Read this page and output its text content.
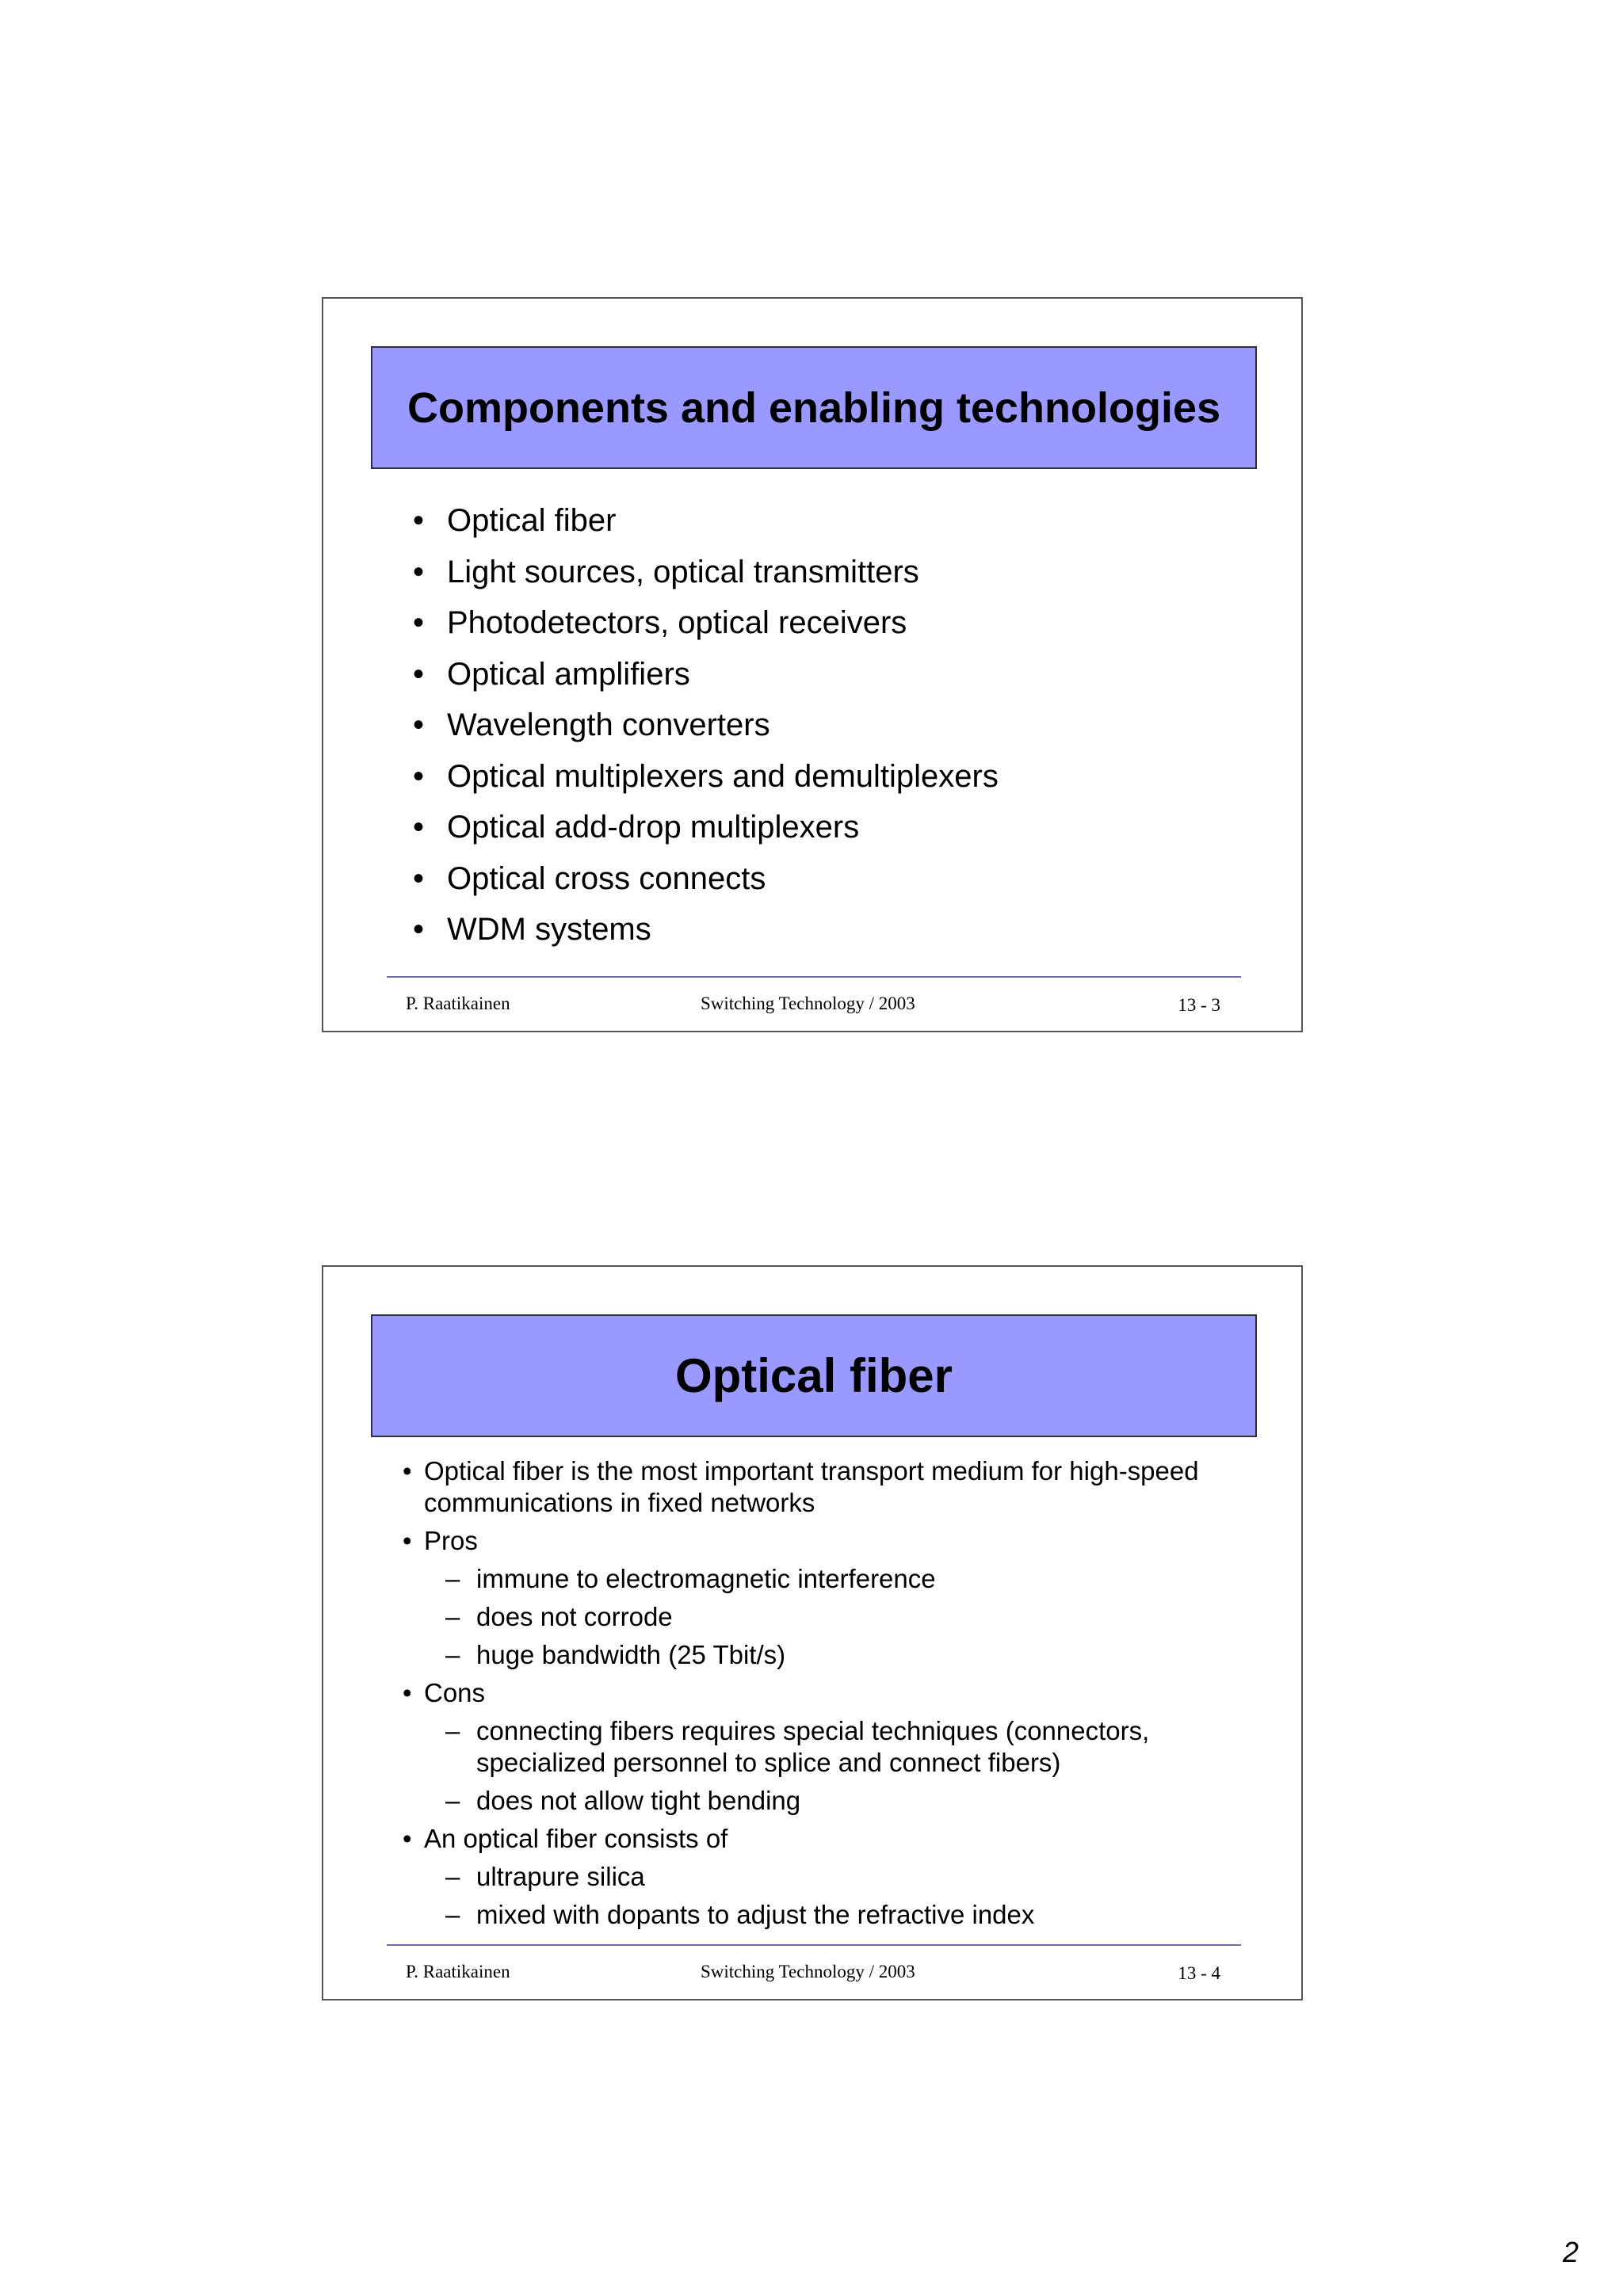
Components and enabling technologies
• Optical fiber
• Light sources, optical transmitters
• Photodetectors, optical receivers
• Optical amplifiers
• Wavelength converters
• Optical multiplexers and demultiplexers
• Optical add-drop multiplexers
• Optical cross connects
• WDM systems
P. Raatikainen	Switching Technology / 2003	13 - 3
Optical fiber
• Optical fiber is the most important transport medium for high-speed communications in fixed networks
• Pros
– immune to electromagnetic interference
– does not corrode
– huge bandwidth (25 Tbit/s)
• Cons
– connecting fibers requires special techniques (connectors, specialized personnel to splice and connect fibers)
– does not allow tight bending
• An optical fiber consists of
– ultrapure silica
– mixed with dopants to adjust the refractive index
P. Raatikainen	Switching Technology / 2003	13 - 4
2
